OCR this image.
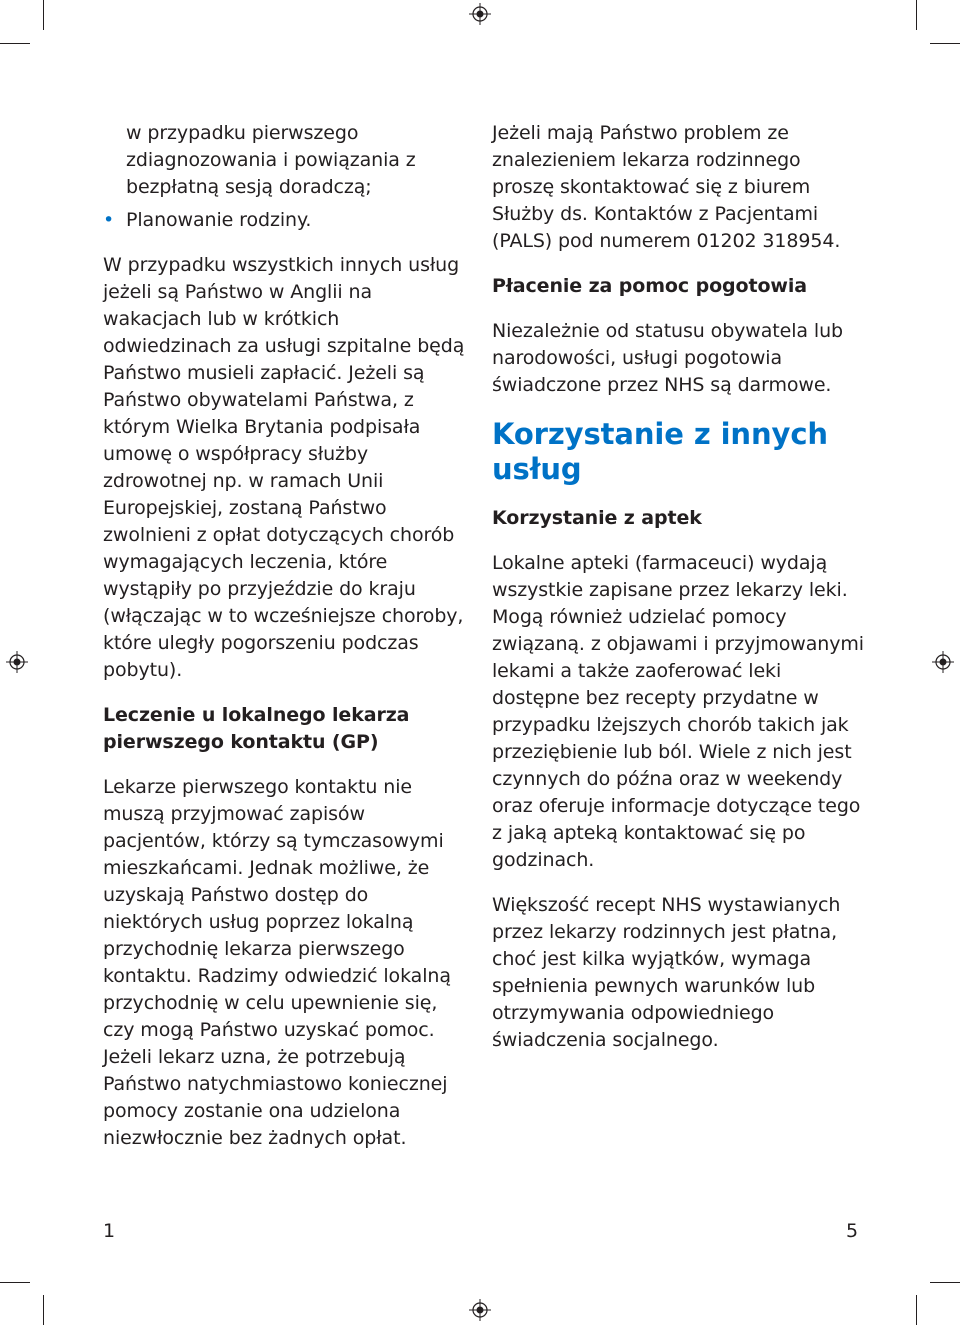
w przypadku pierwszego zdiagnozowania i powiązania z bezpłatną sesją doradczą;

• Planowanie rodziny.

W przypadku wszystkich innych usług jeżeli są Państwo w Anglii na wakacjach lub w krótkich odwiedzinach za usługi szpitalne będą Państwo musieli zapłacić. Jeżeli są Państwo obywatelami Państwa, z którym Wielka Brytania podpisała umowę o współpracy służby zdrowotnej np. w ramach Unii Europejskiej, zostaną Państwo zwolnieni z opłat dotyczących chorób wymagających leczenia, które wystąpiły po przyjeździe do kraju (włączając w to wcześniejsze choroby, które uległy pogorszeniu podczas pobytu).

Leczenie u lokalnego lekarza pierwszego kontaktu (GP)

Lekarze pierwszego kontaktu nie muszą przyjmować zapisów pacjentów, którzy są tymczasowymi mieszkańcami. Jednak możliwe, że uzyskają Państwo dostęp do niektórych usług poprzez lokalną przychodnię lekarza pierwszego kontaktu. Radzimy odwiedzić lokalną przychodnię w celu upewnienie się, czy mogą Państwo uzyskać pomoc. Jeżeli lekarz uzna, że potrzebują Państwo natychmiastowo koniecznej pomocy zostanie ona udzielona niezwłocznie bez żadnych opłat.

Jeżeli mają Państwo problem ze znalezieniem lekarza rodzinnego proszę skontaktować się z biurem Służby ds. Kontaktów z Pacjentami (PALS) pod numerem 01202 318954.

Płacenie za pomoc pogotowia

Niezależnie od statusu obywatela lub narodowości, usługi pogotowia świadczone przez NHS są darmowe.

Korzystanie z innych usług
Korzystanie z aptek

Lokalne apteki (farmaceuci) wydają wszystkie zapisane przez lekarzy leki. Mogą również udzielać pomocy związaną. z objawami i przyjmowanymi lekami a także zaoferować leki dostępne bez recepty przydatne w przypadku lżejszych chorób takich jak przeziębienie lub ból. Wiele z nich jest czynnych do późna oraz w weekendy oraz oferuje informacje dotyczące tego z jaką apteką kontaktować się po godzinach.

Większość recept NHS wystawianych przez lekarzy rodzinnych jest płatna, choć jest kilka wyjątków, wymaga spełnienia pewnych warunków lub otrzymywania odpowiedniego świadczenia socjalnego.

1	5
